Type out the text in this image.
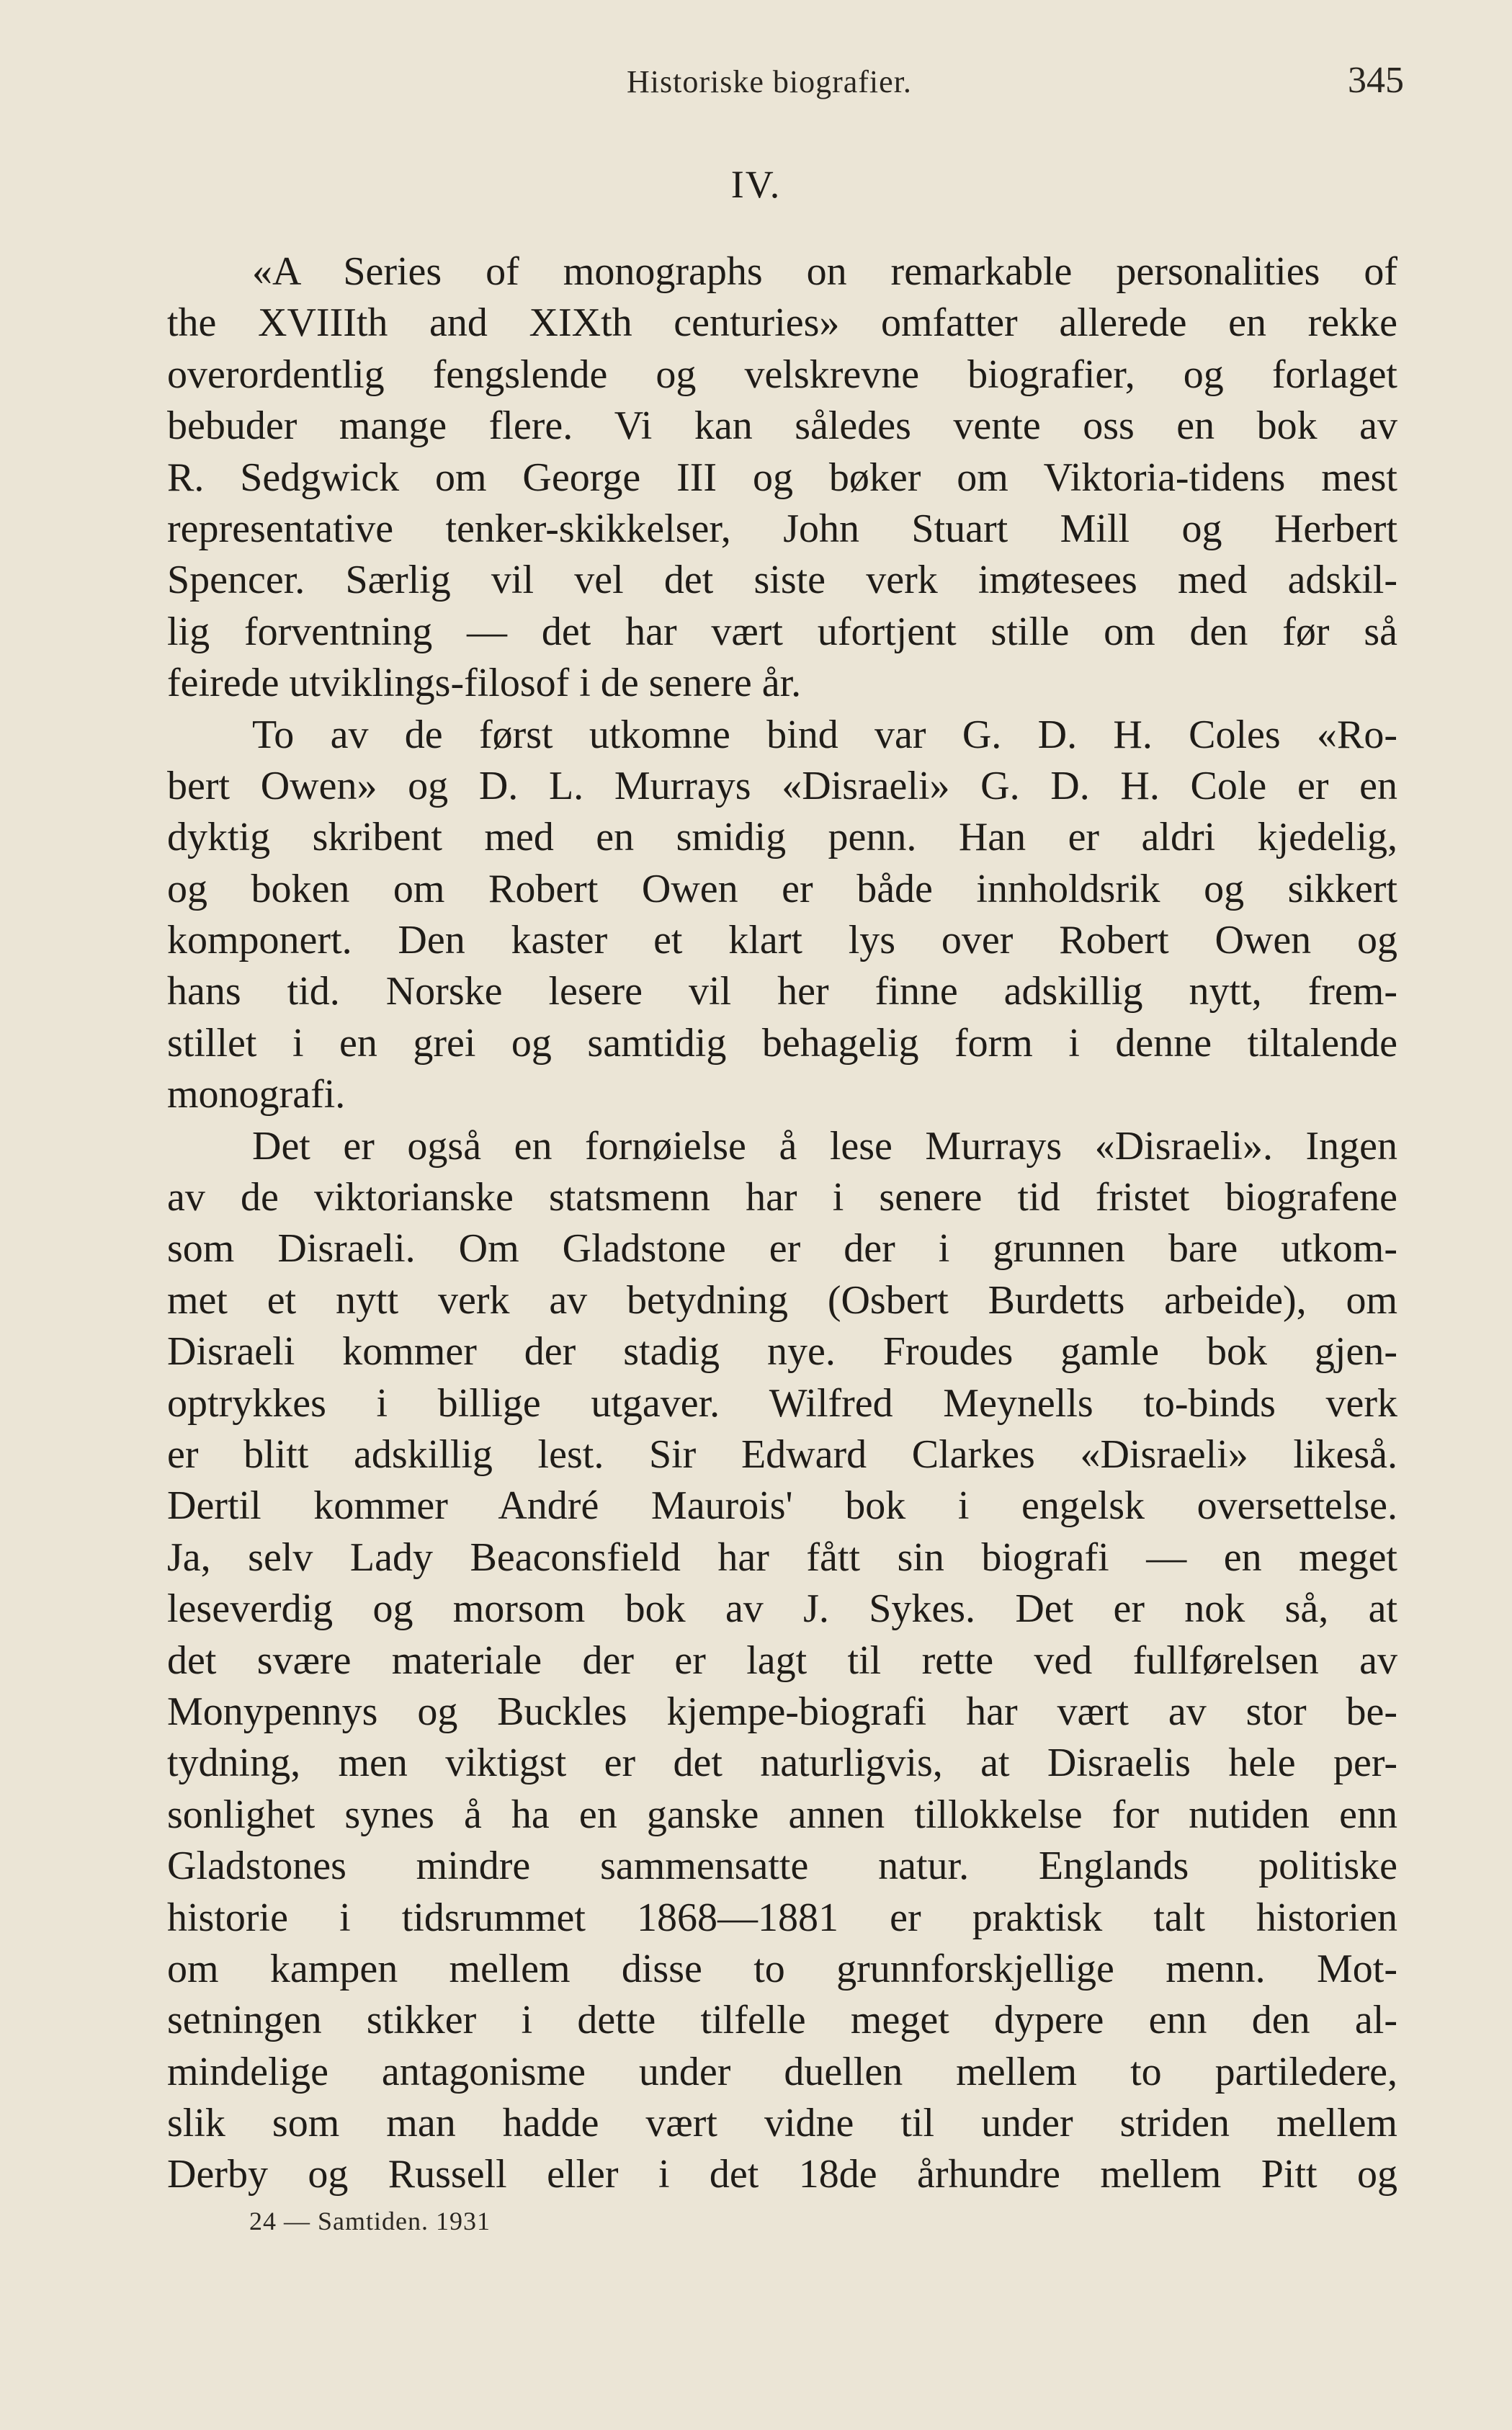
Historiske biografier.	345
IV.
«A Series of monographs on remarkable personalities of
the XVIIIth and XIXth centuries» omfatter allerede en rekke
overordentlig fengslende og velskrevne biografier, og forlaget
bebuder mange flere. Vi kan således vente oss en bok av
R. Sedgwick om George III og bøker om Viktoria-tidens mest
representative tenker-skikkelser, John Stuart Mill og Herbert
Spencer. Særlig vil vel det siste verk imøtesees med adskil-
lig forventning — det har vært ufortjent stille om den før så
feirede utviklings-filosof i de senere år.
To av de først utkomne bind var G. D. H. Coles «Ro-
bert Owen» og D. L. Murrays «Disraeli» G. D. H. Cole er en
dyktig skribent med en smidig penn. Han er aldri kjedelig,
og boken om Robert Owen er både innholdsrik og sikkert
komponert. Den kaster et klart lys over Robert Owen og
hans tid. Norske lesere vil her finne adskillig nytt, frem-
stillet i en grei og samtidig behagelig form i denne tiltalende
monografi.
Det er også en fornøielse å lese Murrays «Disraeli». Ingen
av de viktorianske statsmenn har i senere tid fristet biografene
som Disraeli. Om Gladstone er der i grunnen bare utkom-
met et nytt verk av betydning (Osbert Burdetts arbeide), om
Disraeli kommer der stadig nye. Froudes gamle bok gjen-
optrykkes i billige utgaver. Wilfred Meynells to-binds verk
er blitt adskillig lest. Sir Edward Clarkes «Disraeli» likeså.
Dertil kommer André Maurois' bok i engelsk oversettelse.
Ja, selv Lady Beaconsfield har fått sin biografi — en meget
leseverdig og morsom bok av J. Sykes. Det er nok så, at
det svære materiale der er lagt til rette ved fullførelsen av
Monypennys og Buckles kjempe-biografi har vært av stor be-
tydning, men viktigst er det naturligvis, at Disraelis hele per-
sonlighet synes å ha en ganske annen tillokkelse for nutiden enn
Gladstones mindre sammensatte natur. Englands politiske
historie i tidsrummet 1868—1881 er praktisk talt historien
om kampen mellem disse to grunnforskjellige menn. Mot-
setningen stikker i dette tilfelle meget dypere enn den al-
mindelige antagonisme under duellen mellem to partiledere,
slik som man hadde vært vidne til under striden mellem
Derby og Russell eller i det 18de århundre mellem Pitt og
24 — Samtiden. 1931
